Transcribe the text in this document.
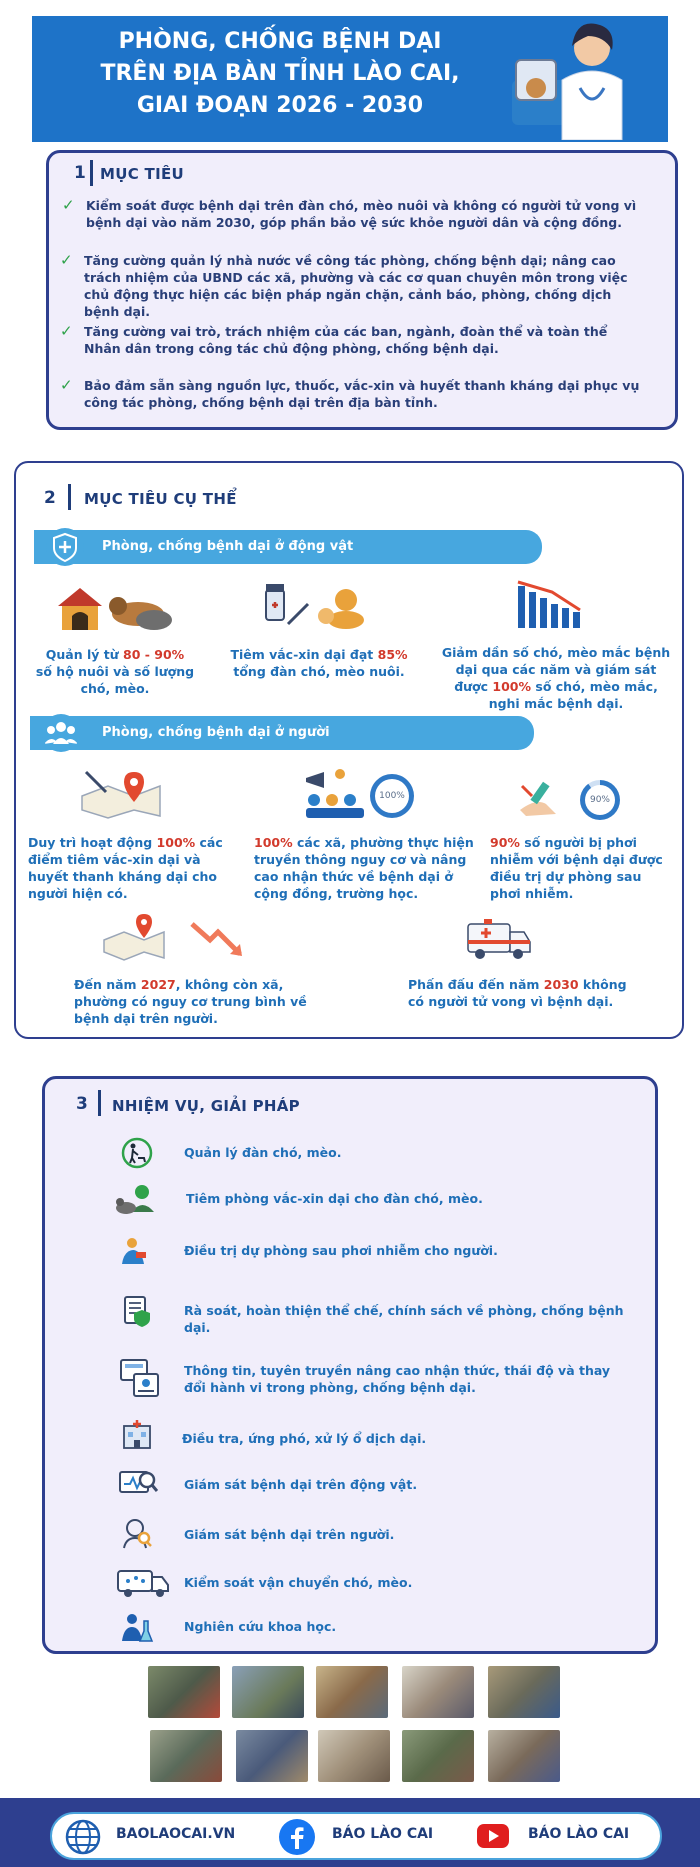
PHÒNG, CHỐNG BỆNH DẠI
TRÊN ĐỊA BÀN TỈNH LÀO CAI,
GIAI ĐOẠN 2026 - 2030
1 MỤC TIÊU
✓ Kiểm soát được bệnh dại trên đàn chó, mèo nuôi và không có người tử vong vì bệnh dại vào năm 2030, góp phần bảo vệ sức khỏe người dân và cộng đồng.
✓ Tăng cường quản lý nhà nước về công tác phòng, chống bệnh dại; nâng cao trách nhiệm của UBND các xã, phường và các cơ quan chuyên môn trong việc chủ động thực hiện các biện pháp ngăn chặn, cảnh báo, phòng, chống dịch bệnh dại.
✓ Tăng cường vai trò, trách nhiệm của các ban, ngành, đoàn thể và toàn thể Nhân dân trong công tác chủ động phòng, chống bệnh dại.
✓ Bảo đảm sẵn sàng nguồn lực, thuốc, vắc-xin và huyết thanh kháng dại phục vụ công tác phòng, chống bệnh dại trên địa bàn tỉnh.
2 MỤC TIÊU CỤ THỂ
Phòng, chống bệnh dại ở động vật
Quản lý từ 80 - 90%
số hộ nuôi và số lượng chó, mèo.
Tiêm vắc-xin dại đạt 85%
tổng đàn chó, mèo nuôi.
Giảm dần số chó, mèo mắc bệnh dại qua các năm và giám sát được 100% số chó, mèo mắc, nghi mắc bệnh dại.
Phòng, chống bệnh dại ở người
100%	90%
Duy trì hoạt động 100% các điểm tiêm vắc-xin dại và huyết thanh kháng dại cho người hiện có.
100% các xã, phường thực hiện truyền thông nguy cơ và nâng cao nhận thức về bệnh dại ở cộng đồng, trường học.
90% số người bị phơi nhiễm với bệnh dại được điều trị dự phòng sau phơi nhiễm.
Đến năm 2027, không còn xã, phường có nguy cơ trung bình về bệnh dại trên người.
Phấn đấu đến năm 2030 không có người tử vong vì bệnh dại.
3 NHIỆM VỤ, GIẢI PHÁP
Quản lý đàn chó, mèo.
Tiêm phòng vắc-xin dại cho đàn chó, mèo.
Điều trị dự phòng sau phơi nhiễm cho người.
Rà soát, hoàn thiện thể chế, chính sách về phòng, chống bệnh dại.
Thông tin, tuyên truyền nâng cao nhận thức, thái độ và thay đổi hành vi trong phòng, chống bệnh dại.
Điều tra, ứng phó, xử lý ổ dịch dại.
Giám sát bệnh dại trên động vật.
Giám sát bệnh dại trên người.
Kiểm soát vận chuyển chó, mèo.
Nghiên cứu khoa học.
BAOLAOCAI.VN	BÁO LÀO CAI	BÁO LÀO CAI
